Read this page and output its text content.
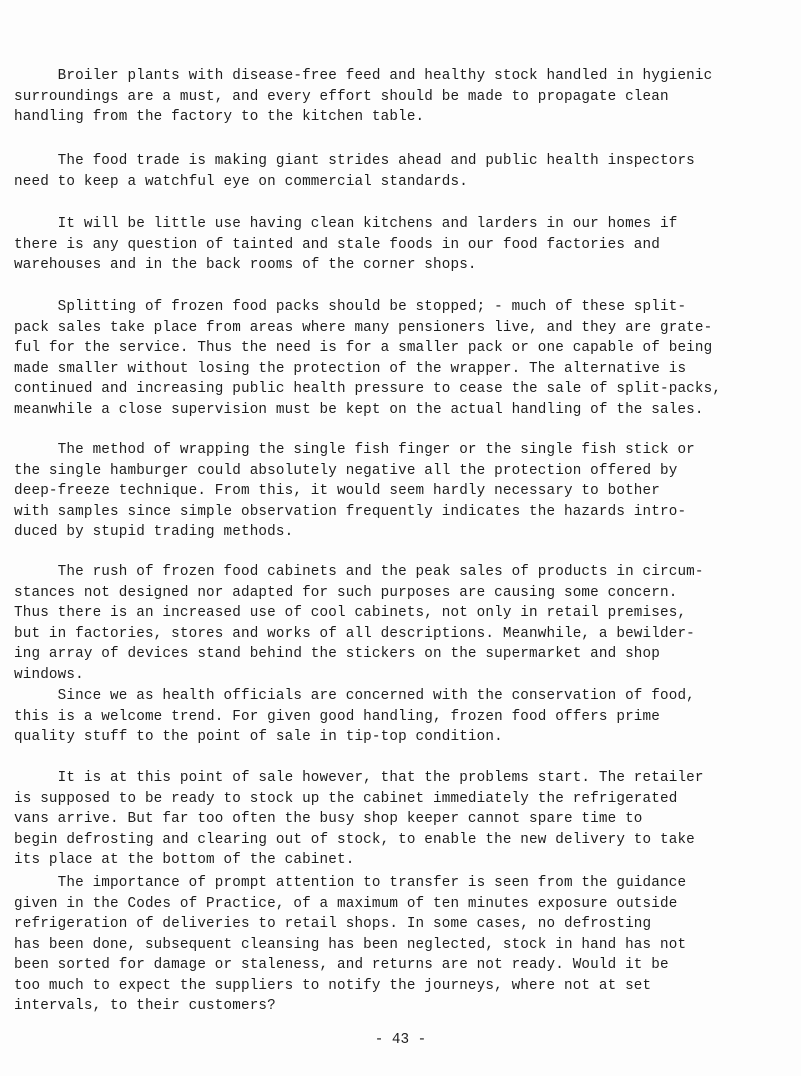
Broiler plants with disease-free feed and healthy stock handled in hygienic
surroundings are a must, and every effort should be made to propagate clean
handling from the factory to the kitchen table.
The food trade is making giant strides ahead and public health inspectors
need to keep a watchful eye on commercial standards.
It will be little use having clean kitchens and larders in our homes if
there is any question of tainted and stale foods in our food factories and
warehouses and in the back rooms of the corner shops.
Splitting of frozen food packs should be stopped; - much of these split-
pack sales take place from areas where many pensioners live, and they are grate-
ful for the service. Thus the need is for a smaller pack or one capable of being
made smaller without losing the protection of the wrapper. The alternative is
continued and increasing public health pressure to cease the sale of split-packs,
meanwhile a close supervision must be kept on the actual handling of the sales.
The method of wrapping the single fish finger or the single fish stick or
the single hamburger could absolutely negative all the protection offered by
deep-freeze technique. From this, it would seem hardly necessary to bother
with samples since simple observation frequently indicates the hazards intro-
duced by stupid trading methods.
The rush of frozen food cabinets and the peak sales of products in circum-
stances not designed nor adapted for such purposes are causing some concern.
Thus there is an increased use of cool cabinets, not only in retail premises,
but in factories, stores and works of all descriptions. Meanwhile, a bewilder-
ing array of devices stand behind the stickers on the supermarket and shop
windows.
Since we as health officials are concerned with the conservation of food,
this is a welcome trend. For given good handling, frozen food offers prime
quality stuff to the point of sale in tip-top condition.
It is at this point of sale however, that the problems start. The retailer
is supposed to be ready to stock up the cabinet immediately the refrigerated
vans arrive. But far too often the busy shop keeper cannot spare time to
begin defrosting and clearing out of stock, to enable the new delivery to take
its place at the bottom of the cabinet.
The importance of prompt attention to transfer is seen from the guidance
given in the Codes of Practice, of a maximum of ten minutes exposure outside
refrigeration of deliveries to retail shops. In some cases, no defrosting
has been done, subsequent cleansing has been neglected, stock in hand has not
been sorted for damage or staleness, and returns are not ready. Would it be
too much to expect the suppliers to notify the journeys, where not at set
intervals, to their customers?
- 43 -
